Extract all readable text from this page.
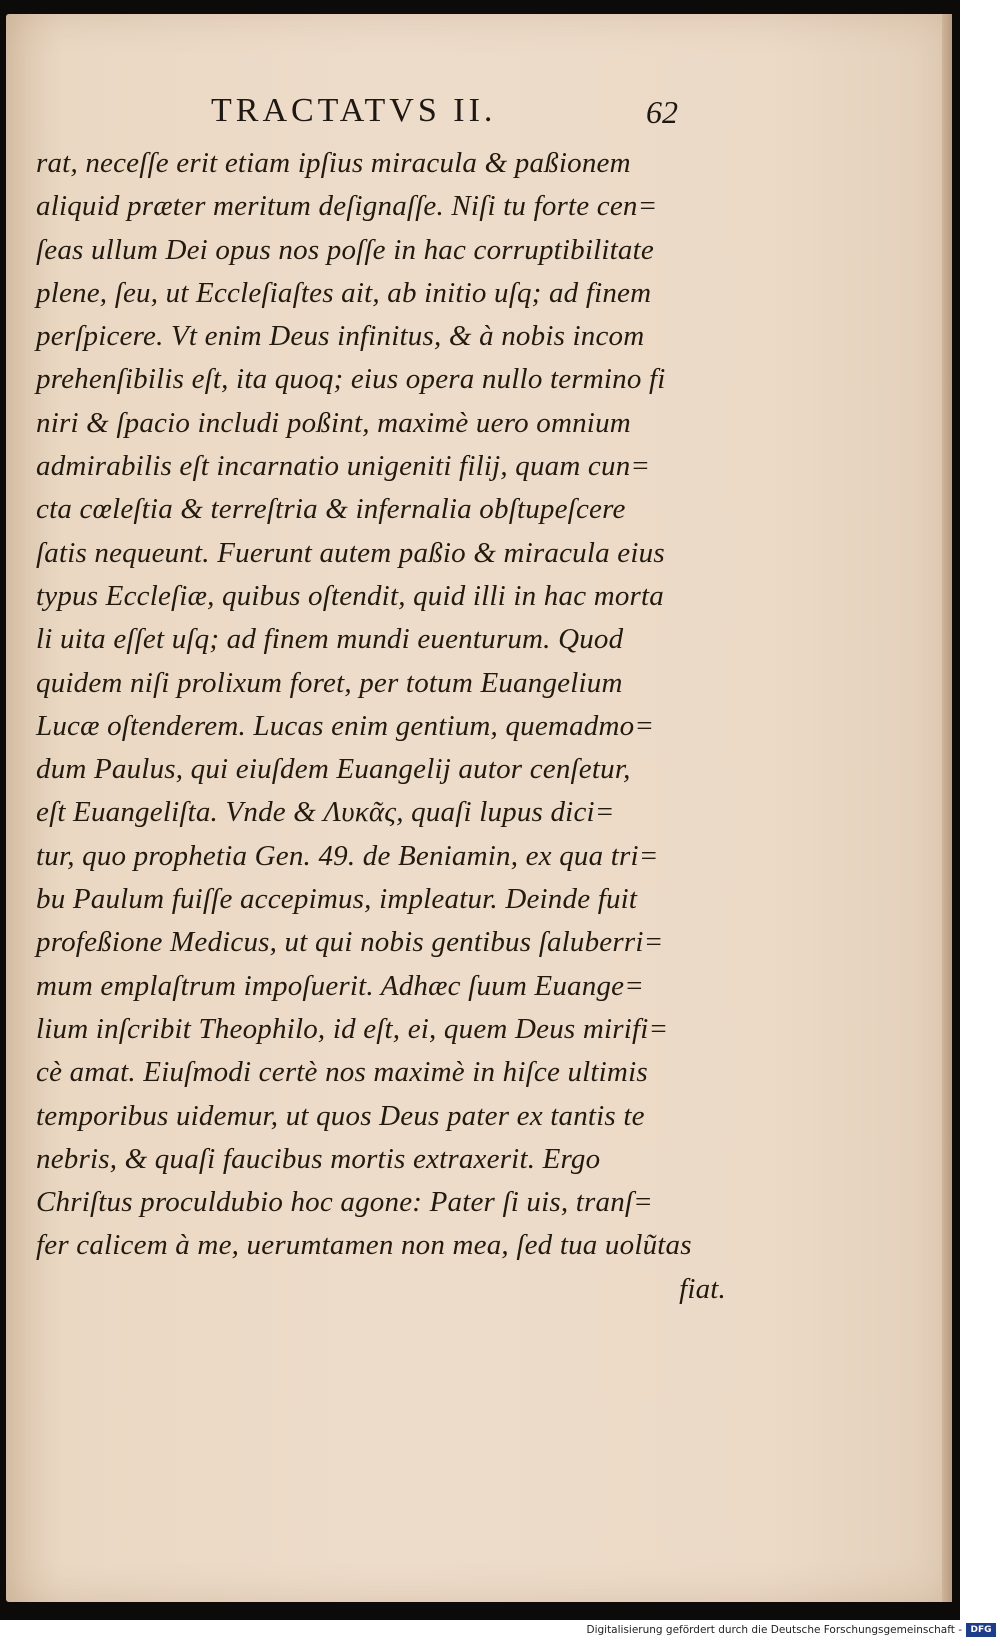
TRACTATVS II.	62
rat, neceſſe erit etiam ipſius miracula & paßionem
aliquid præter meritum deſignaſſe. Niſi tu forte cen=
ſeas ullum Dei opus nos poſſe in hac corruptibilitate
plene, ſeu, ut Eccleſiaſtes ait, ab initio uſq; ad finem
perſpicere. Vt enim Deus infinitus, & à nobis incom
prehenſibilis eſt, ita quoq; eius opera nullo termino fi
niri & ſpacio includi poßint, maximè uero omnium
admirabilis eſt incarnatio unigeniti filij, quam cun=
cta cœleſtia & terreſtria & infernalia obſtupeſcere
ſatis nequeunt. Fuerunt autem paßio & miracula eius
typus Eccleſiæ, quibus oſtendit, quid illi in hac morta
li uita eſſet uſq; ad finem mundi euenturum. Quod
quidem niſi prolixum foret, per totum Euangelium
Lucæ oſtenderem. Lucas enim gentium, quemadmo=
dum Paulus, qui eiuſdem Euangelij autor cenſetur,
eſt Euangeliſta. Vnde & Λυκᾶς, quaſi lupus dici=
tur, quo prophetia Gen. 49. de Beniamin, ex qua tri=
bu Paulum fuiſſe accepimus, impleatur. Deinde fuit
profeßione Medicus, ut qui nobis gentibus ſaluberri=
mum emplaſtrum impoſuerit. Adhæc ſuum Euange=
lium inſcribit Theophilo, id eſt, ei, quem Deus mirifi=
cè amat. Eiuſmodi certè nos maximè in hiſce ultimis
temporibus uidemur, ut quos Deus pater ex tantis te
nebris, & quaſi faucibus mortis extraxerit. Ergo
Chriſtus proculdubio hoc agone: Pater ſi uis, tranſ=
fer calicem à me, uerumtamen non mea, ſed tua uolũtas
fiat.
Digitalisierung gefördert durch die Deutsche Forschungsgemeinschaft - DFG
